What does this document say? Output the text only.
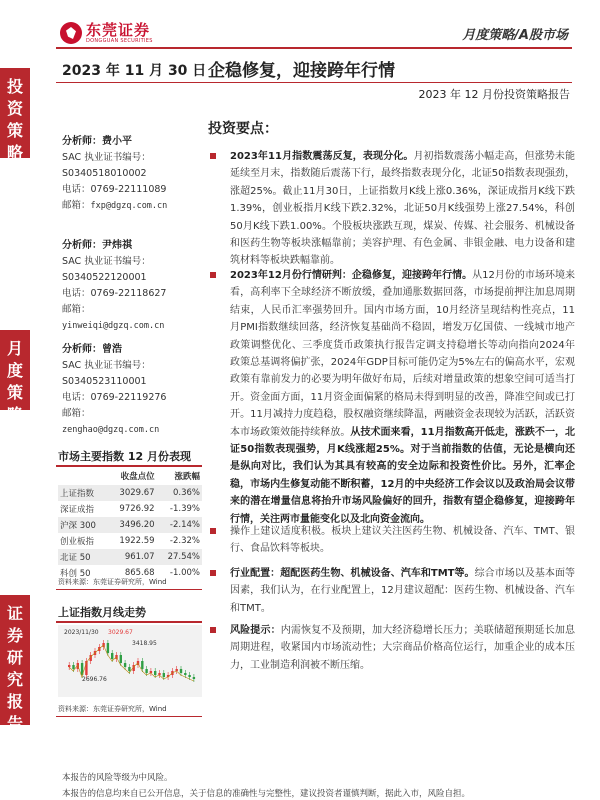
东莞证券
DONGGUAN SECURITIES	月度策略/A股市场
投资策略
月度策略
证券研究报告
2023 年 11 月 30 日 企稳修复，迎接跨年行情
2023 年 12 月份投资策略报告
分析师：费小平
SAC 执业证书编号：
S0340518010002
电话：0769-22111089
邮箱：fxp@dgzq.com.cn
分析师：尹炜祺
SAC 执业证书编号：
S0340522120001
电话：0769-22118627
邮箱：
yinweiqi@dgzq.com.cn
分析师：曾浩
SAC 执业证书编号：
S0340523110001
电话：0769-22119276
邮箱：
zenghao@dgzq.com.cn
市场主要指数 12 月份表现
	收盘点位	涨跌幅
上证指数	3029.67	0.36%
深证成指	9726.92	-1.39%
沪深 300	3496.20	-2.14%
创业板指	1922.59	-2.32%
北证 50	961.07	27.54%
科创 50	865.68	-1.00%
资料来源：东莞证券研究所，Wind
上证指数月线走势
2023/11/30 3029.67
3418.95
2696.76
资料来源：东莞证券研究所，Wind
投资要点：
2023年11月指数震荡反复，表现分化。月初指数震荡小幅走高，但涨势未能延续至月末，指数随后震荡下行，最终指数表现分化，北证50指数表现强劲，涨超25%。截止11月30日，上证指数月K线上涨0.36%，深证成指月K线下跌1.39%，创业板指月K线下跌2.32%，北证50月K线强势上涨27.54%，科创50月K线下跌1.00%。个股板块涨跌互现，煤炭、传媒、社会服务、机械设备和医药生物等板块涨幅靠前；美容护理、有色金属、非银金融、电力设备和建筑材料等板块跌幅靠前。
2023年12月份行情研判：企稳修复，迎接跨年行情。从12月份的市场环境来看，高利率下全球经济不断放缓，叠加通胀数据回落，市场提前押注加息周期结束，人民币汇率强势回升。国内市场方面，10月经济呈现结构性亮点，11月PMI指数继续回落，经济恢复基础尚不稳固，增发万亿国债、一线城市地产政策调整优化、三季度货币政策执行报告定调支持稳增长等动向指向2024年政策总基调将偏扩张，2024年GDP目标可能仍定为5%左右的偏高水平，宏观政策有靠前发力的必要为明年做好布局，后续对增量政策的想象空间可适当打开。资金面方面，11月资金面偏紧的格局未得到明显的改善，降准空间或已打开。11月减持力度趋稳，股权融资继续降温，两融资金表现较为活跃，活跃资本市场政策效能持续释放。从技术面来看，11月指数高开低走，涨跌不一，北证50指数表现强势，月K线涨超25%。对于当前指数的估值，无论是横向还是纵向对比，我们认为其具有较高的安全边际和投资性价比。另外，汇率企稳，市场内生修复动能不断积蓄，12月的中央经济工作会议以及政治局会议带来的潜在增量信息将抬升市场风险偏好的回升，指数有望企稳修复，迎接跨年行情，关注两市量能变化以及北向资金流向。
操作上建议适度积极。板块上建议关注医药生物、机械设备、汽车、TMT、银行、食品饮料等板块。
行业配置：超配医药生物、机械设备、汽车和TMT等。综合市场以及基本面等因素，我们认为，在行业配置上，12月建议超配：医药生物、机械设备、汽车和TMT。
风险提示：内需恢复不及预期，加大经济稳增长压力；美联储超预期延长加息周期进程，收紧国内市场流动性；大宗商品价格高位运行，加重企业的成本压力，工业制造利润被不断压缩。
本报告的风险等级为中风险。
本报告的信息均来自已公开信息，关于信息的准确性与完整性，建议投资者谨慎判断，据此入市，风险自担。
